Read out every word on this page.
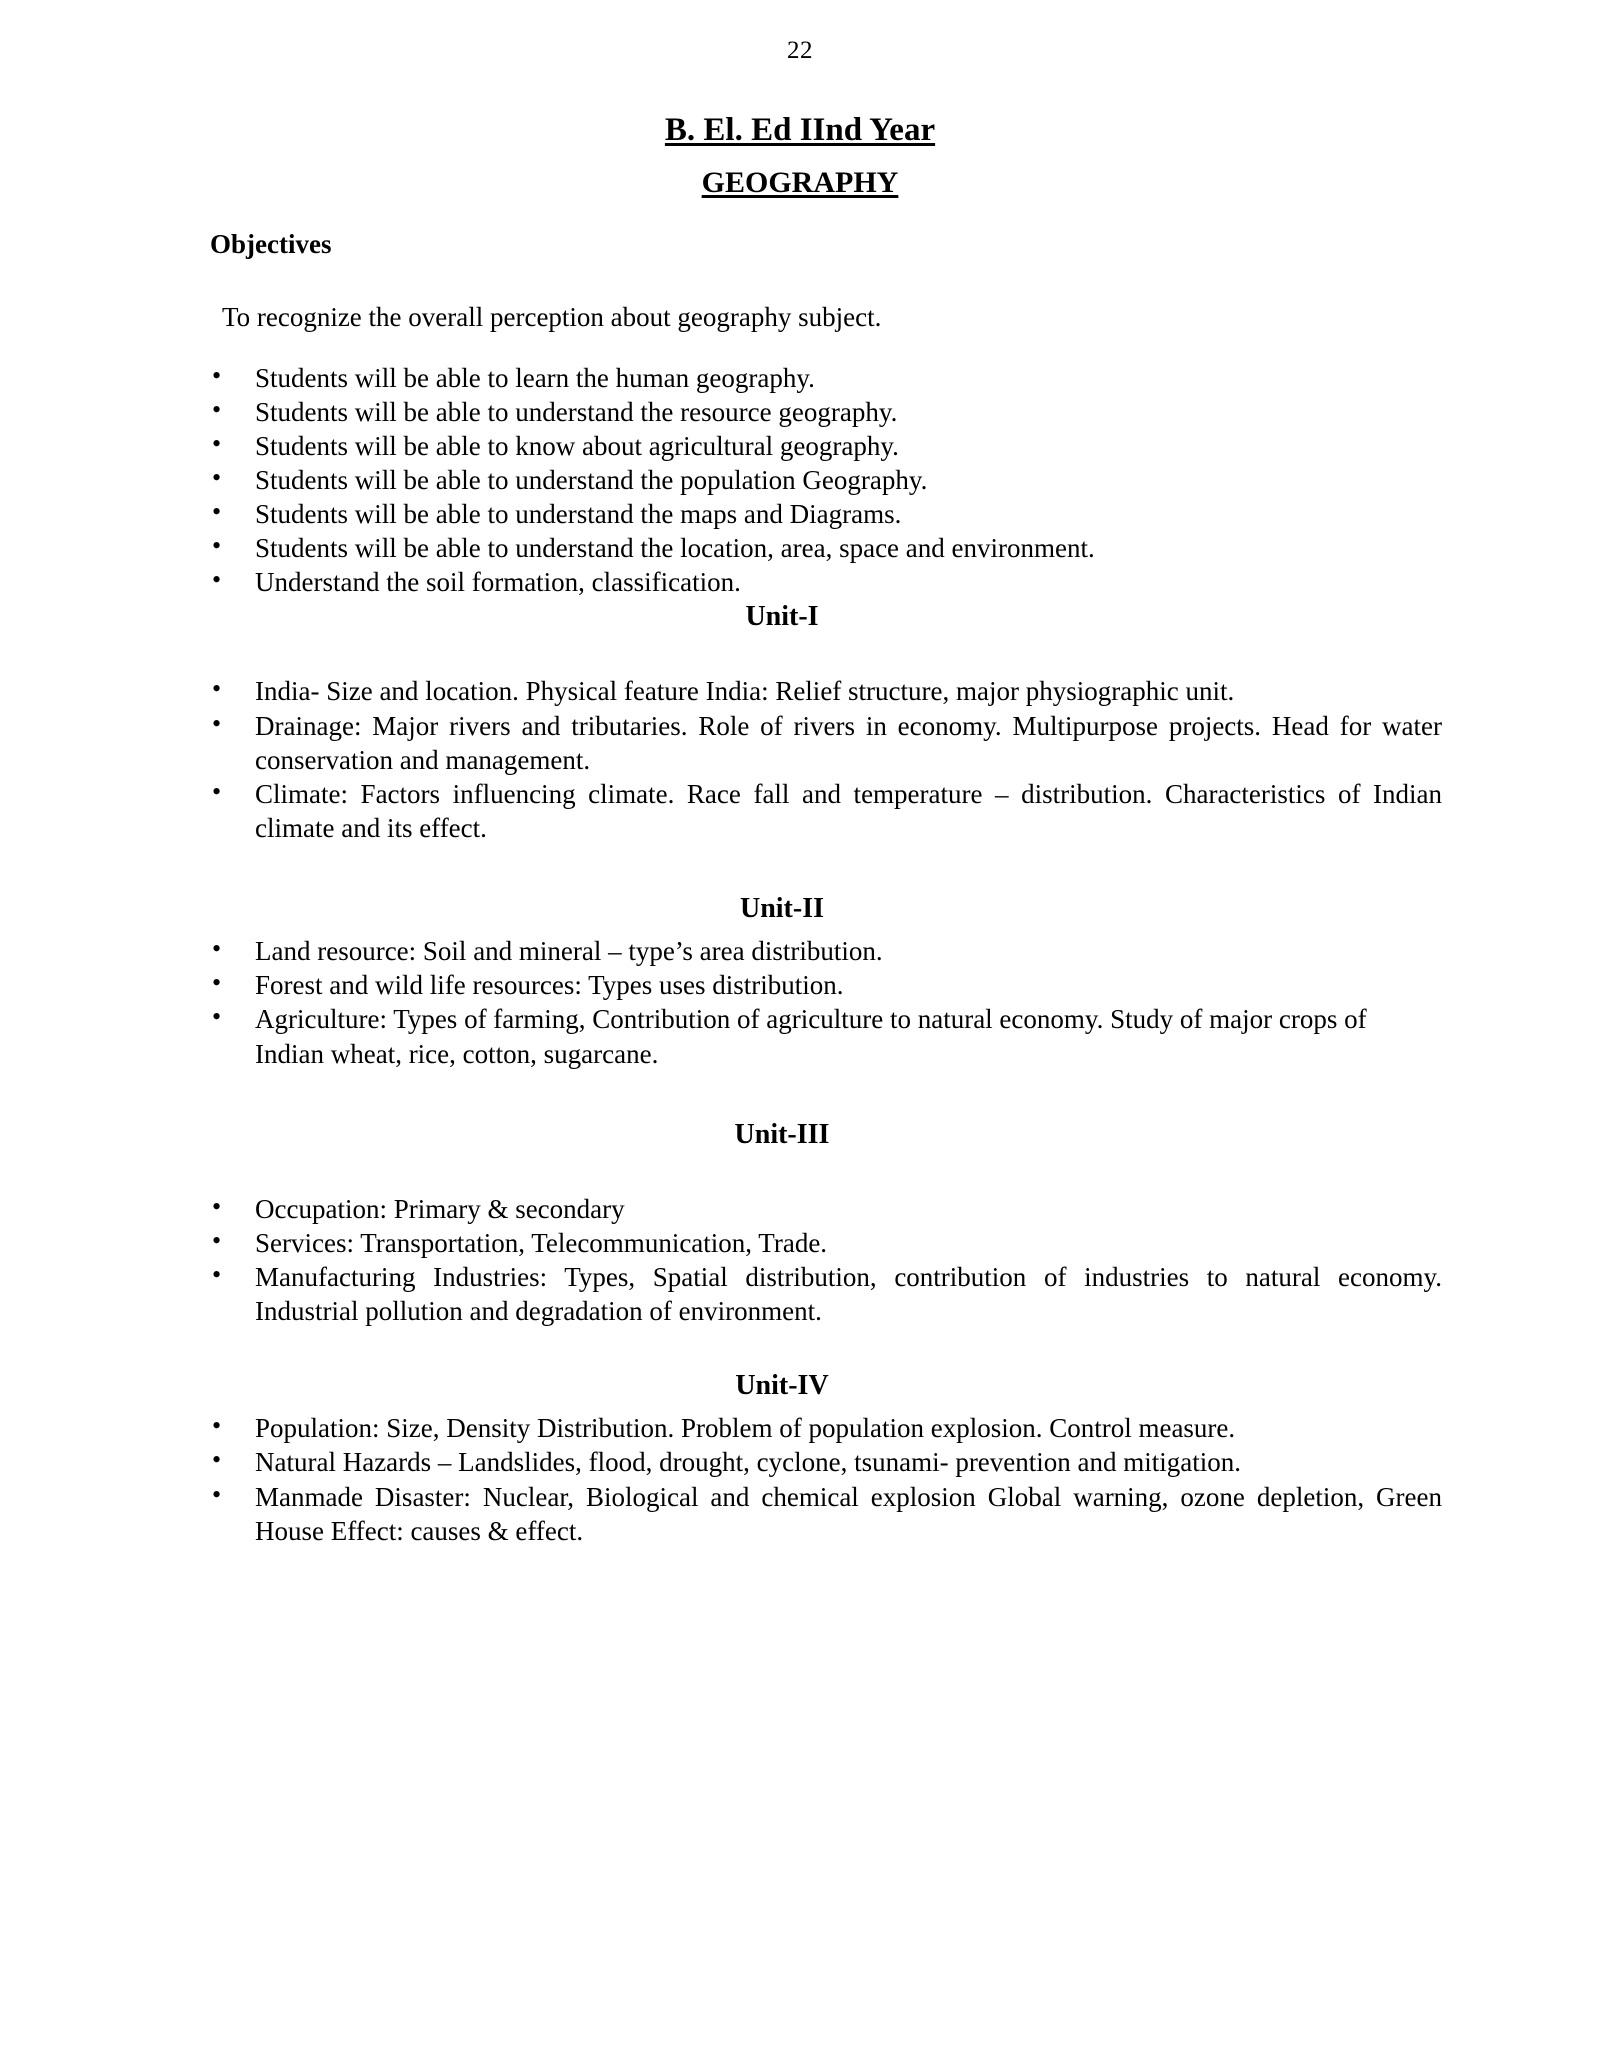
22
B. El. Ed IInd Year
GEOGRAPHY
Objectives
To recognize the overall perception about geography subject.
• Students will be able to learn the human geography.
• Students will be able to understand the resource geography.
• Students will be able to know about agricultural geography.
• Students will be able to understand the population Geography.
• Students will be able to understand the maps and Diagrams.
• Students will be able to understand the location, area, space and environment.
• Understand the soil formation, classification.
Unit-I
• India- Size and location. Physical feature India: Relief structure, major physiographic unit.
• Drainage: Major rivers and tributaries. Role of rivers in economy. Multipurpose projects. Head for water conservation and management.
• Climate: Factors influencing climate. Race fall and temperature – distribution. Characteristics of Indian climate and its effect.
Unit-II
• Land resource: Soil and mineral – type’s area distribution.
• Forest and wild life resources: Types uses distribution.
• Agriculture: Types of farming, Contribution of agriculture to natural economy. Study of major crops of Indian wheat, rice, cotton, sugarcane.
Unit-III
• Occupation: Primary & secondary
• Services: Transportation, Telecommunication, Trade.
• Manufacturing Industries: Types, Spatial distribution, contribution of industries to natural economy. Industrial pollution and degradation of environment.
Unit-IV
• Population: Size, Density Distribution. Problem of population explosion. Control measure.
• Natural Hazards – Landslides, flood, drought, cyclone, tsunami- prevention and mitigation.
• Manmade Disaster: Nuclear, Biological and chemical explosion Global warning, ozone depletion, Green House Effect: causes & effect.
